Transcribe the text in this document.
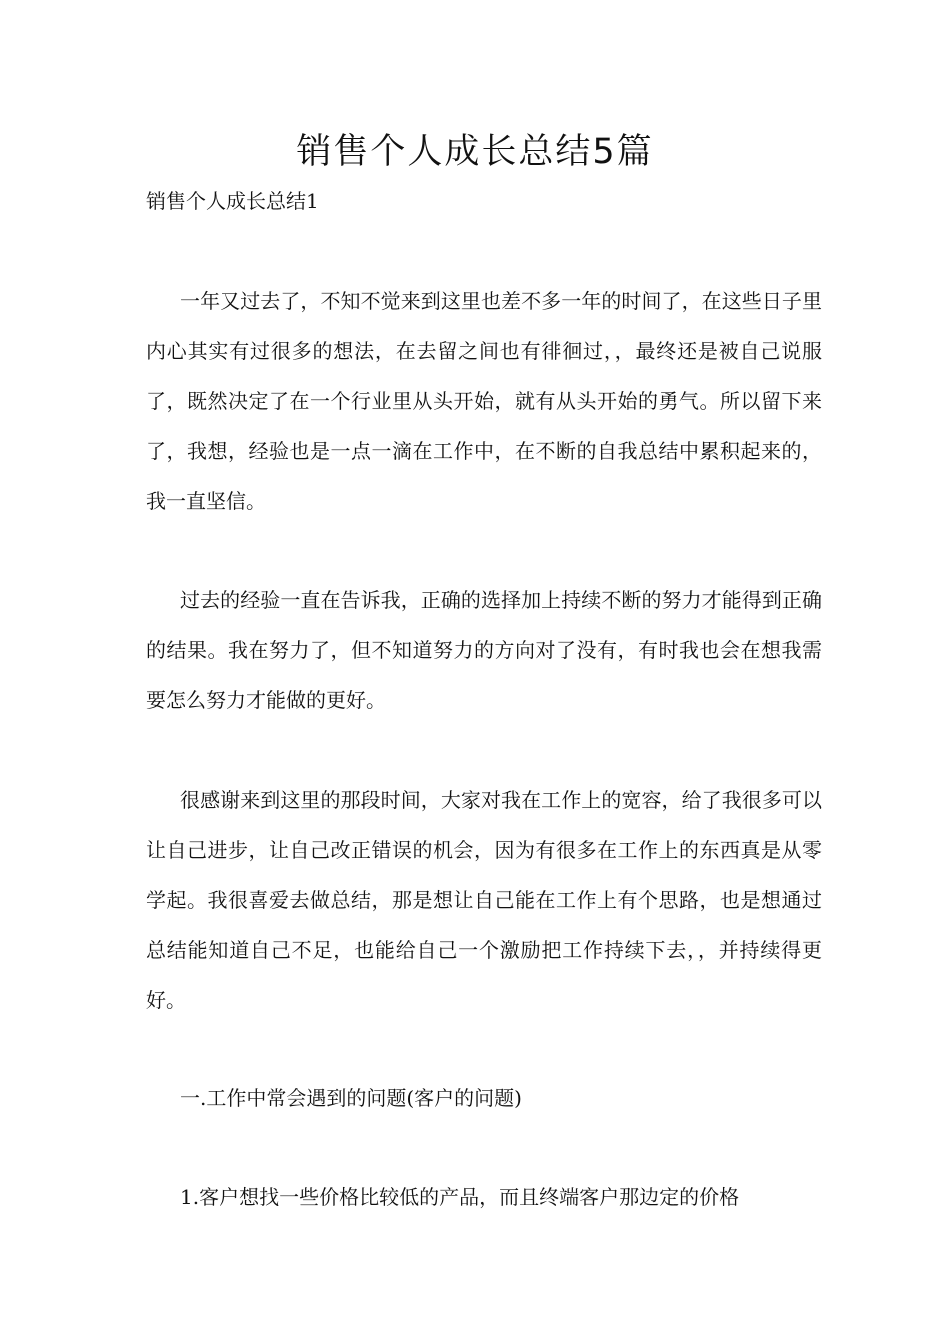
销售个人成长总结5篇
销售个人成长总结1

一年又过去了，不知不觉来到这里也差不多一年的时间了，在这些日子里内心其实有过很多的想法，在去留之间也有徘徊过，，最终还是被自己说服了，既然决定了在一个行业里从头开始，就有从头开始的勇气。所以留下来了，我想，经验也是一点一滴在工作中，在不断的自我总结中累积起来的，我一直坚信。

过去的经验一直在告诉我，正确的选择加上持续不断的努力才能得到正确的结果。我在努力了，但不知道努力的方向对了没有，有时我也会在想我需要怎么努力才能做的更好。

很感谢来到这里的那段时间，大家对我在工作上的宽容，给了我很多可以让自己进步，让自己改正错误的机会，因为有很多在工作上的东西真是从零学起。我很喜爱去做总结，那是想让自己能在工作上有个思路，也是想通过总结能知道自己不足，也能给自己一个激励把工作持续下去，，并持续得更好。

一.工作中常会遇到的问题(客户的问题)

1.客户想找一些价格比较低的产品，而且终端客户那边定的价格
